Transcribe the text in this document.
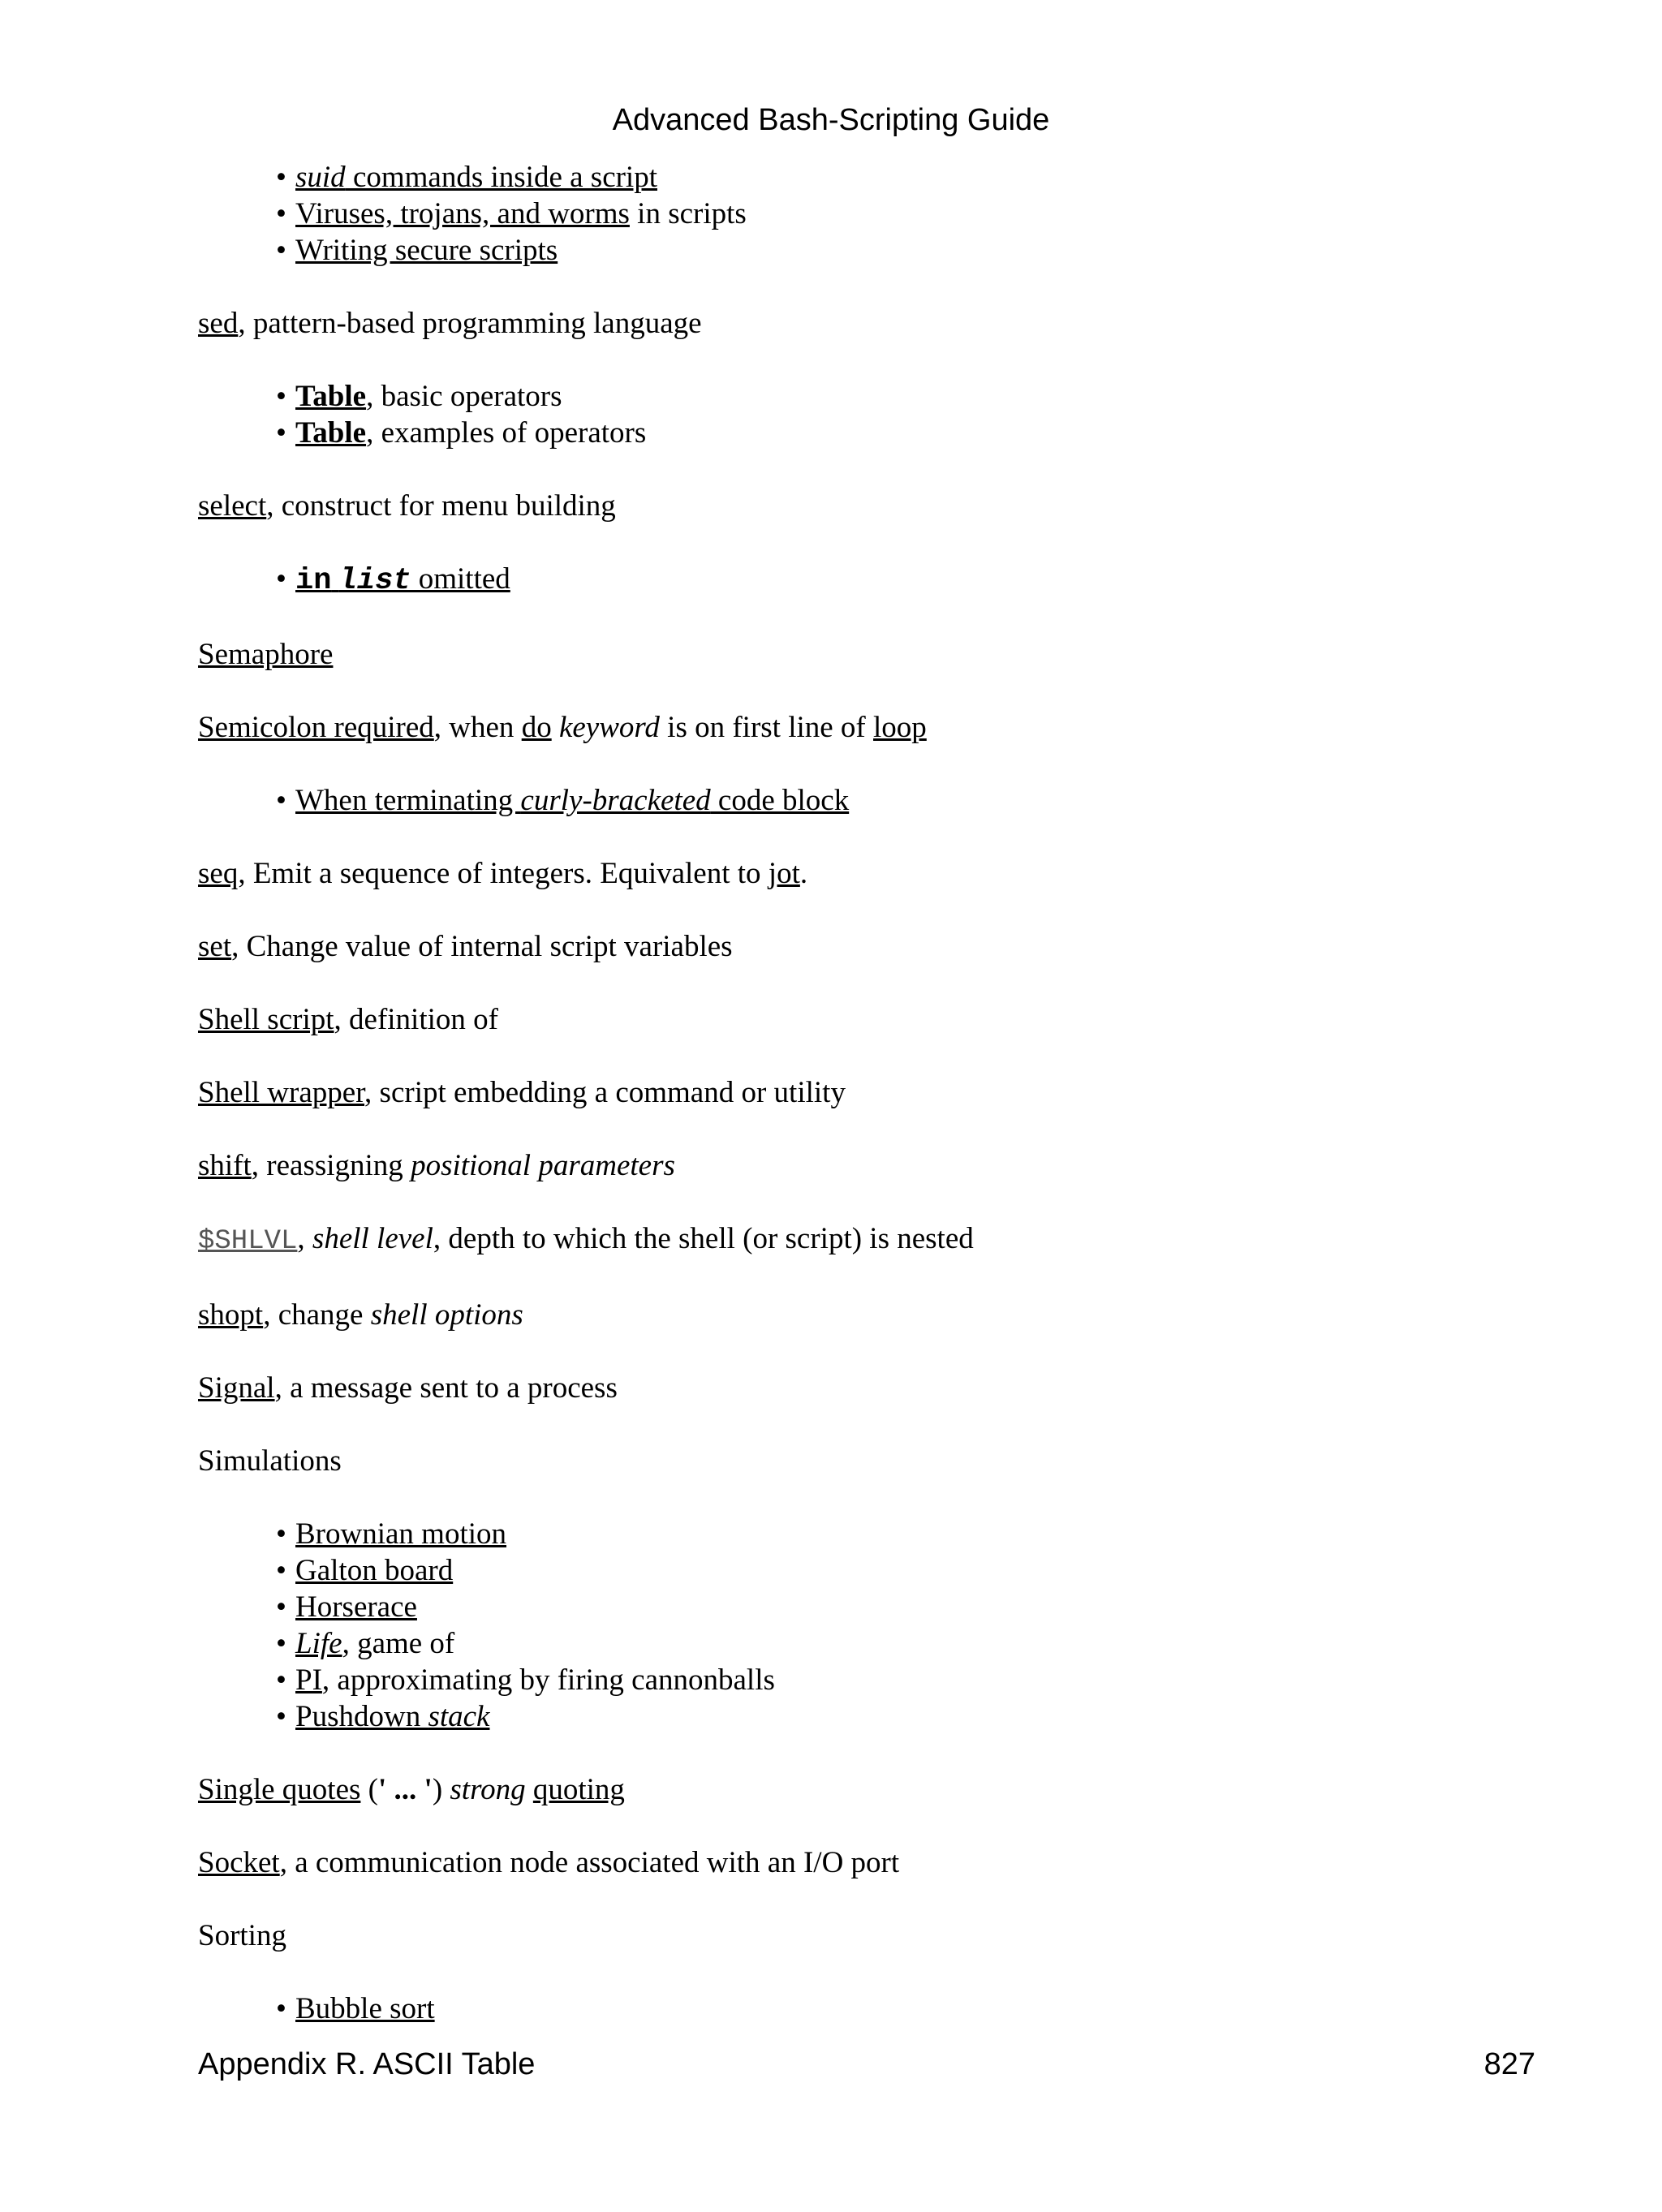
Advanced Bash-Scripting Guide
• suid commands inside a script
• Viruses, trojans, and worms in scripts
• Writing secure scripts
sed, pattern-based programming language
• Table, basic operators
• Table, examples of operators
select, construct for menu building
• in list omitted
Semaphore
Semicolon required, when do keyword is on first line of loop
• When terminating curly-bracketed code block
seq, Emit a sequence of integers. Equivalent to jot.
set, Change value of internal script variables
Shell script, definition of
Shell wrapper, script embedding a command or utility
shift, reassigning positional parameters
$SHLVL, shell level, depth to which the shell (or script) is nested
shopt, change shell options
Signal, a message sent to a process
Simulations
• Brownian motion
• Galton board
• Horserace
• Life, game of
• PI, approximating by firing cannonballs
• Pushdown stack
Single quotes (' ... ') strong quoting
Socket, a communication node associated with an I/O port
Sorting
• Bubble sort
Appendix R. ASCII Table	827
